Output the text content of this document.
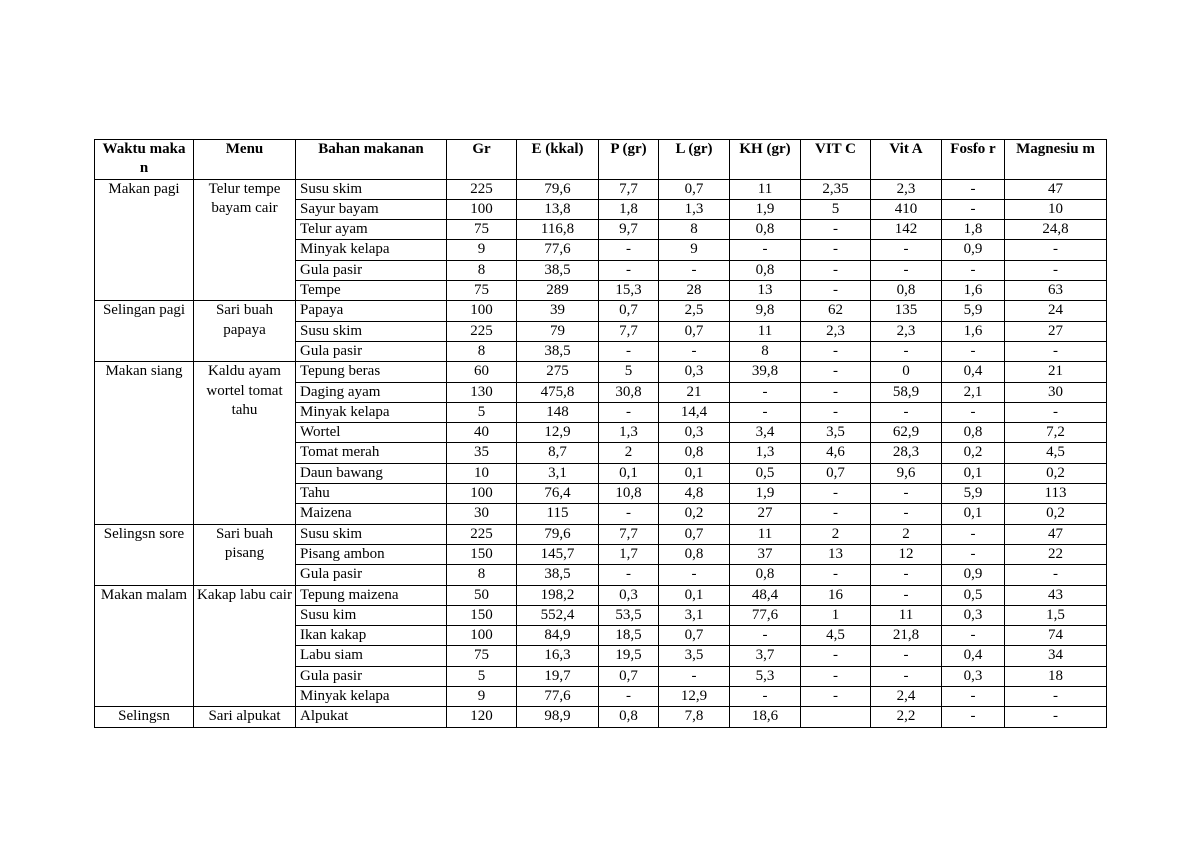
Waktu makan	Menu	Bahan makanan	Gr	E (kkal)	P (gr)	L (gr)	KH (gr)	VIT C	Vit A	Fosfo r	Magnesiu m
Makan pagi	Telur tempe bayam cair	Susu skim	225	79,6	7,7	0,7	11	2,35	2,3	-	47
		Sayur bayam	100	13,8	1,8	1,3	1,9	5	410	-	10
		Telur ayam	75	116,8	9,7	8	0,8	-	142	1,8	24,8
		Minyak kelapa	9	77,6	-	9	-	-	-	0,9	-
		Gula pasir	8	38,5	-	-	0,8	-	-	-	-
		Tempe	75	289	15,3	28	13	-	0,8	1,6	63
Selingan pagi	Sari buah papaya	Papaya	100	39	0,7	2,5	9,8	62	135	5,9	24
		Susu skim	225	79	7,7	0,7	11	2,3	2,3	1,6	27
		Gula pasir	8	38,5	-	-	8	-	-	-	-
Makan siang	Kaldu ayam wortel tomat tahu	Tepung beras	60	275	5	0,3	39,8	-	0	0,4	21
		Daging ayam	130	475,8	30,8	21	-	-	58,9	2,1	30
		Minyak kelapa	5	148	-	14,4	-	-	-	-	-
		Wortel	40	12,9	1,3	0,3	3,4	3,5	62,9	0,8	7,2
		Tomat merah	35	8,7	2	0,8	1,3	4,6	28,3	0,2	4,5
		Daun bawang	10	3,1	0,1	0,1	0,5	0,7	9,6	0,1	0,2
		Tahu	100	76,4	10,8	4,8	1,9	-	-	5,9	113
		Maizena	30	115	-	0,2	27	-	-	0,1	0,2
Selingsn sore	Sari buah pisang	Susu skim	225	79,6	7,7	0,7	11	2	2	-	47
		Pisang ambon	150	145,7	1,7	0,8	37	13	12	-	22
		Gula pasir	8	38,5	-	-	0,8	-	-	0,9	-
Makan malam	Kakap labu cair	Tepung maizena	50	198,2	0,3	0,1	48,4	16	-	0,5	43
		Susu kim	150	552,4	53,5	3,1	77,6	1	11	0,3	1,5
		Ikan kakap	100	84,9	18,5	0,7	-	4,5	21,8	-	74
		Labu siam	75	16,3	19,5	3,5	3,7	-	-	0,4	34
		Gula pasir	5	19,7	0,7	-	5,3	-	-	0,3	18
		Minyak kelapa	9	77,6	-	12,9	-	-	2,4	-	-
Selingsn	Sari alpukat	Alpukat	120	98,9	0,8	7,8	18,6		2,2	-	-
